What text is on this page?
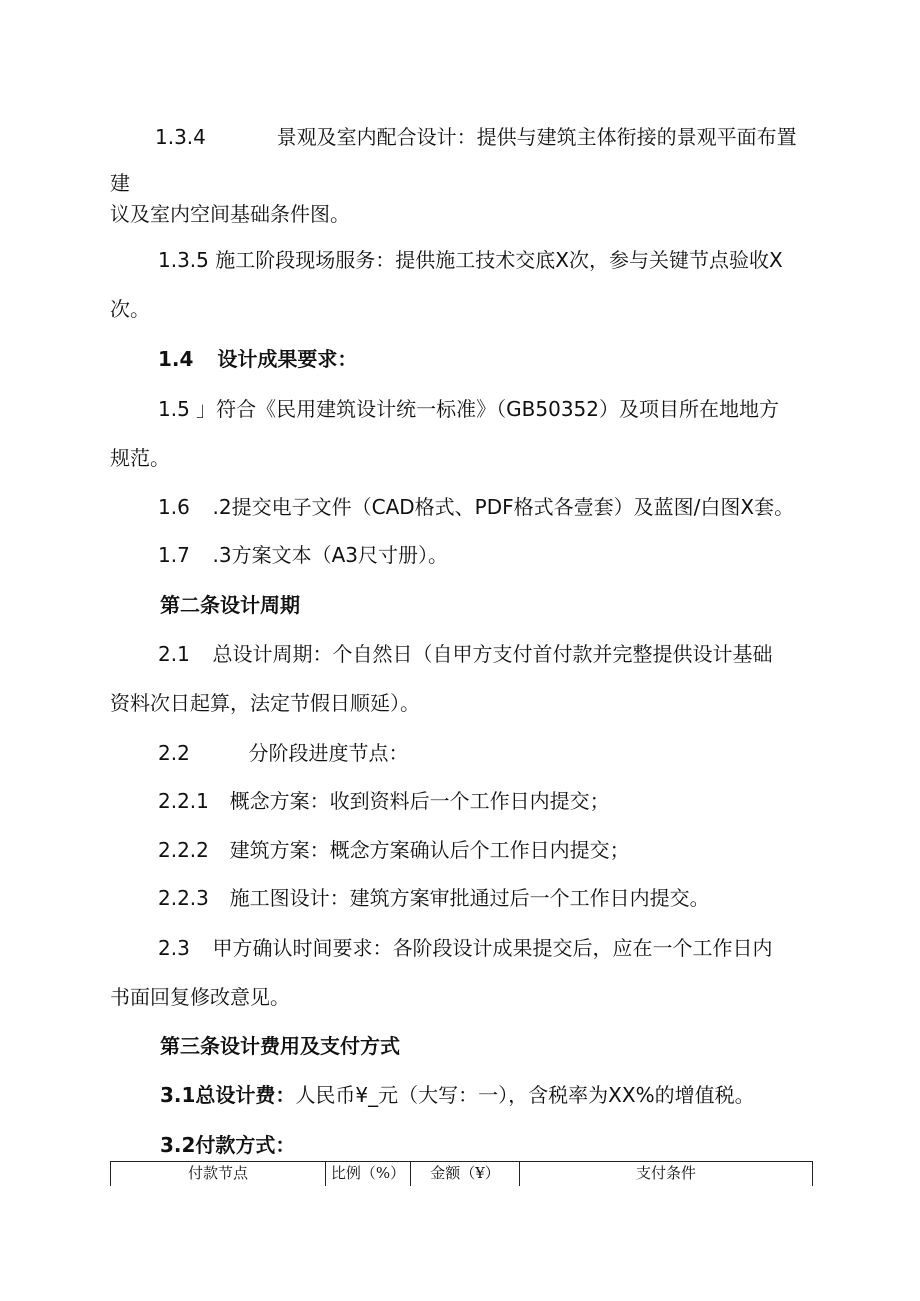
1.3.4	景观及室内配合设计：提供与建筑主体衔接的景观平面布置
建
议及室内空间基础条件图。
1.3.5 施工阶段现场服务：提供施工技术交底X次，参与关键节点验收X
次。
1.4 设计成果要求：
1.5 」符合《民用建筑设计统一标准》（GB50352）及项目所在地地方
规范。
1.6 .2提交电子文件（CAD格式、PDF格式各壹套）及蓝图/白图X套。
1.7 .3方案文本（A3尺寸册）。
第二条设计周期
2.1 总设计周期：个自然日（自甲方支付首付款并完整提供设计基础
资料次日起算，法定节假日顺延）。
2.2	分阶段进度节点：
2.2.1 概念方案：收到资料后一个工作日内提交；
2.2.2 建筑方案：概念方案确认后个工作日内提交；
2.2.3 施工图设计：建筑方案审批通过后一个工作日内提交。
2.3 甲方确认时间要求：各阶段设计成果提交后，应在一个工作日内
书面回复修改意见。
第三条设计费用及支付方式
3.1总设计费：人民币¥_元（大写：一），含税率为XX%的增值税。
3.2付款方式：
付款节点	比例（%）	金额（¥）	支付条件
